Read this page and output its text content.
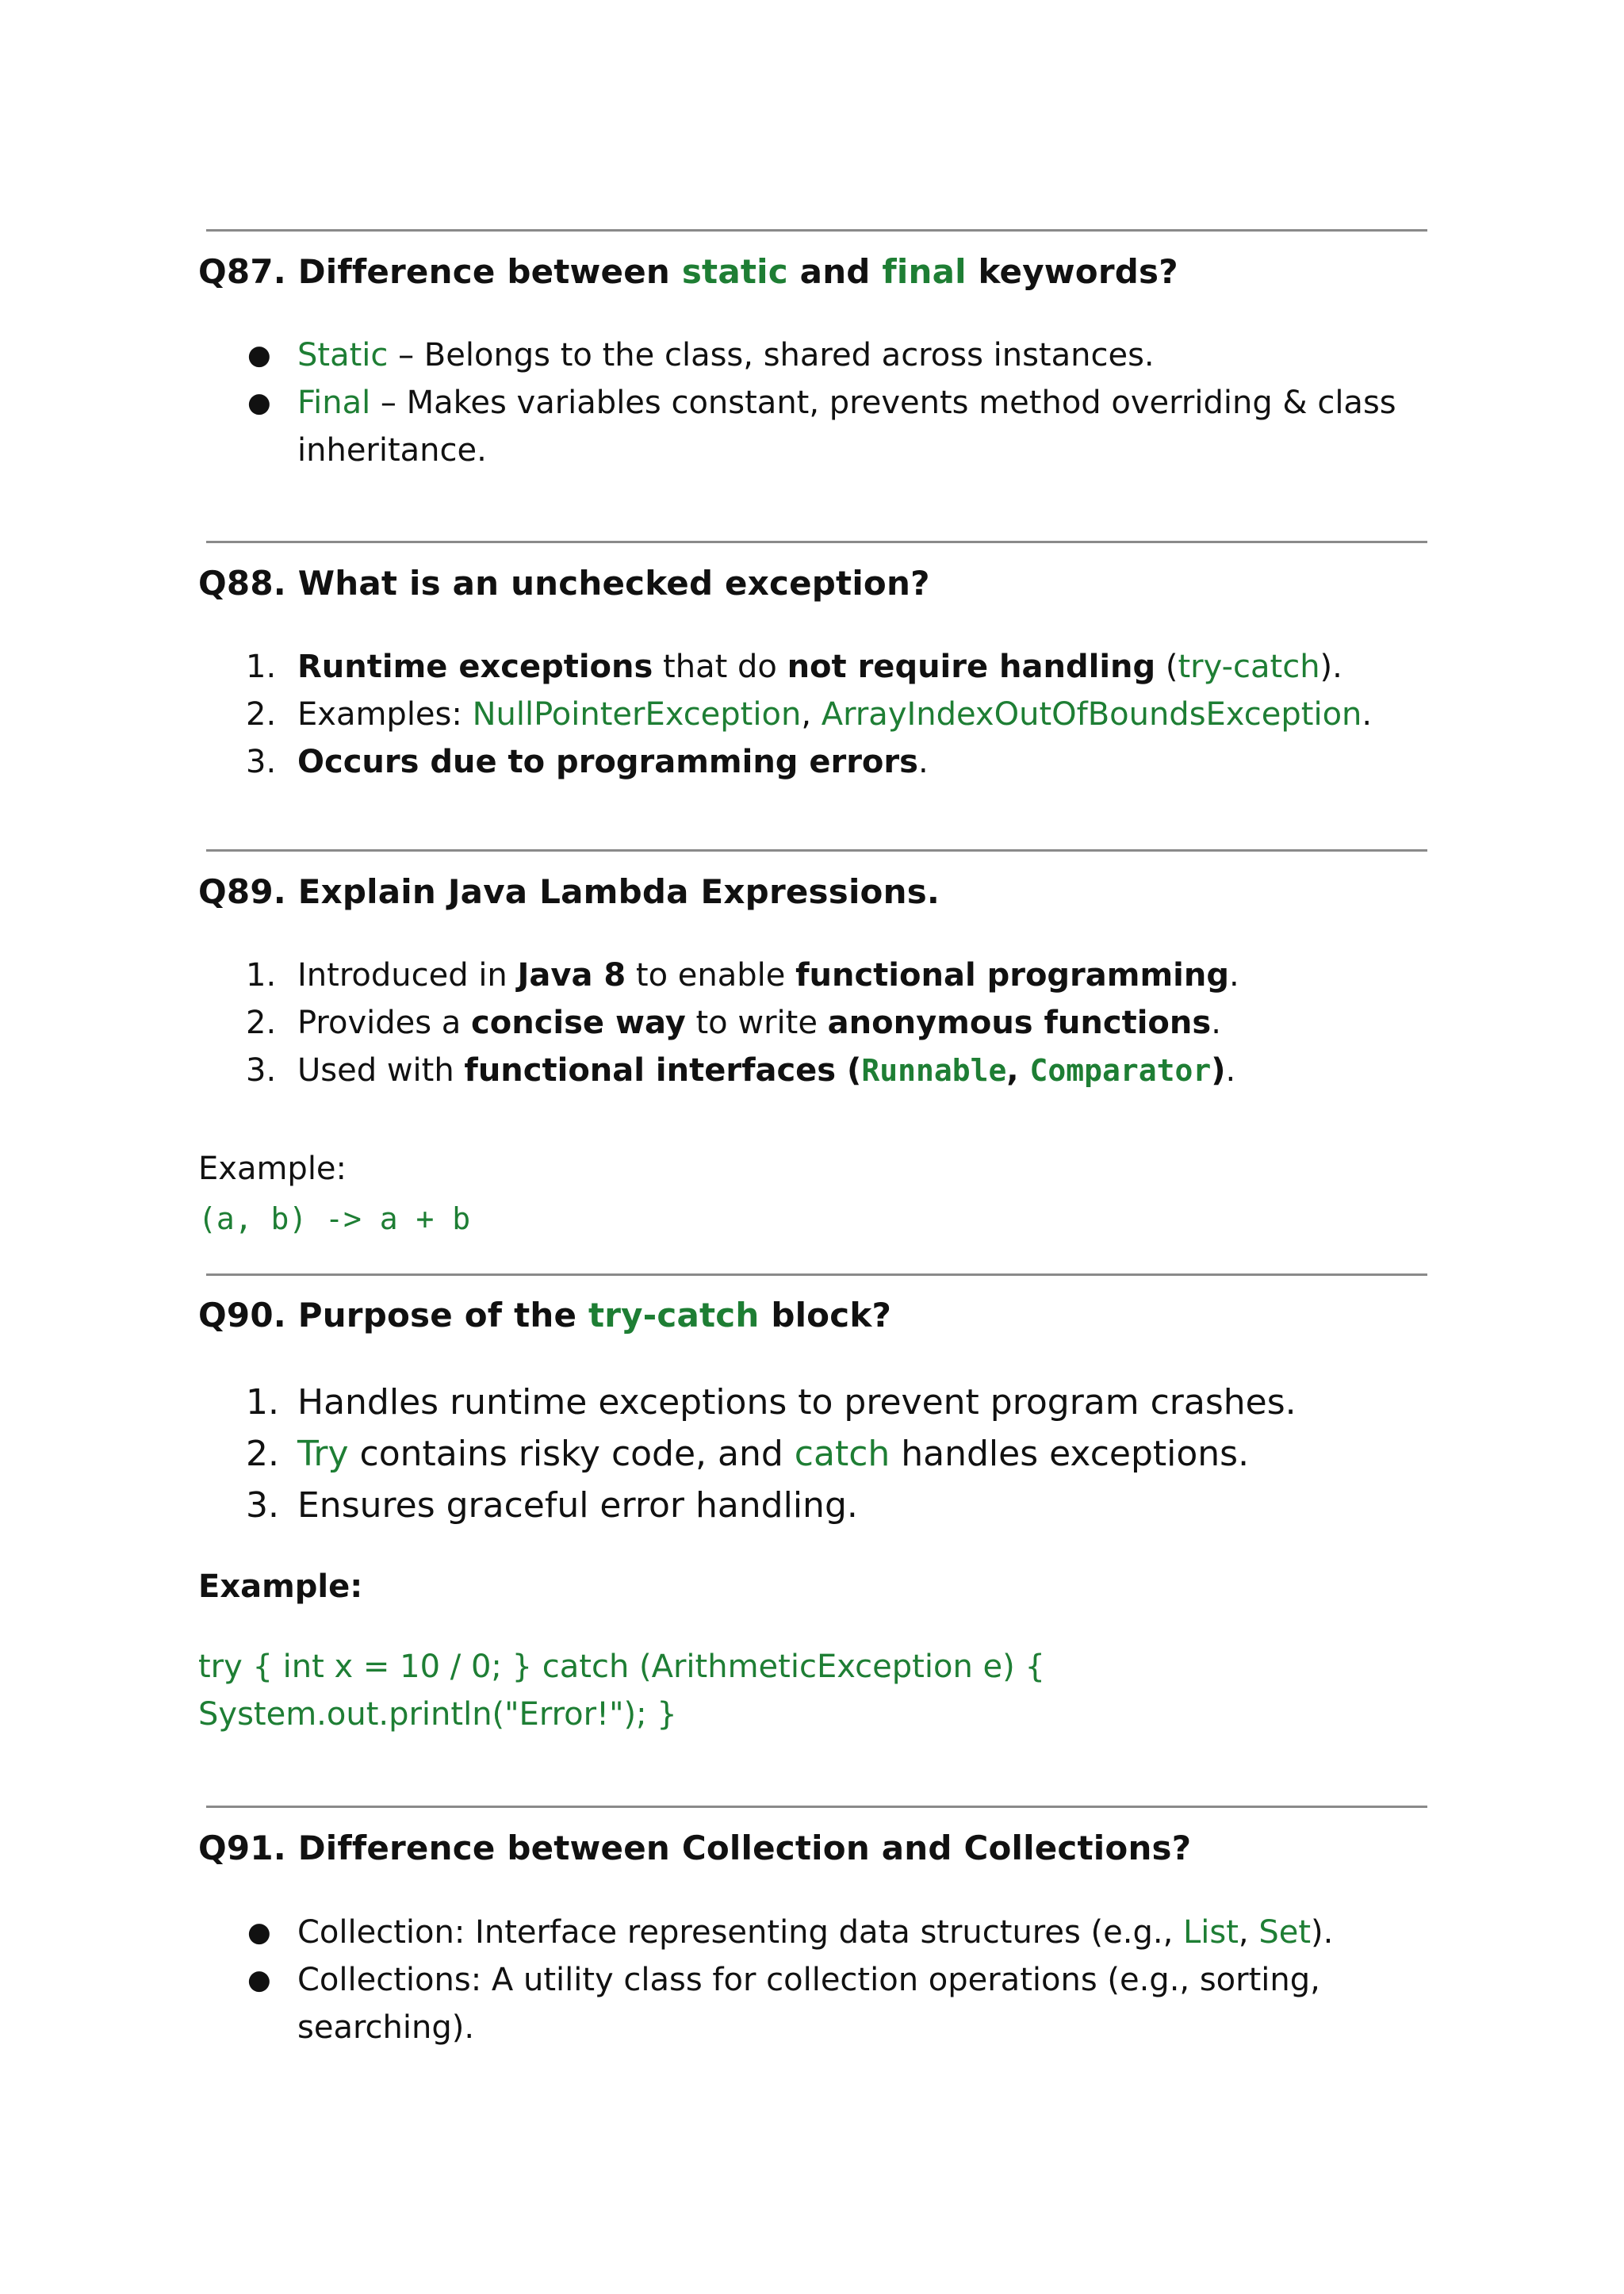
Q87. Difference between static and final keywords?
● Static – Belongs to the class, shared across instances.
● Final – Makes variables constant, prevents method overriding & class inheritance.
Q88. What is an unchecked exception?
1. Runtime exceptions that do not require handling (try-catch).
2. Examples: NullPointerException, ArrayIndexOutOfBoundsException.
3. Occurs due to programming errors.
Q89. Explain Java Lambda Expressions.
1. Introduced in Java 8 to enable functional programming.
2. Provides a concise way to write anonymous functions.
3. Used with functional interfaces (Runnable, Comparator).

Example:

(a, b) -> a + b

Q90. Purpose of the try-catch block?
1. Handles runtime exceptions to prevent program crashes.
2. Try contains risky code, and catch handles exceptions.
3. Ensures graceful error handling.

Example:

try { int x = 10 / 0; } catch (ArithmeticException e) {

System.out.println("Error!"); }

Q91. Difference between Collection and Collections?
● Collection: Interface representing data structures (e.g., List, Set).
● Collections: A utility class for collection operations (e.g., sorting, searching).
